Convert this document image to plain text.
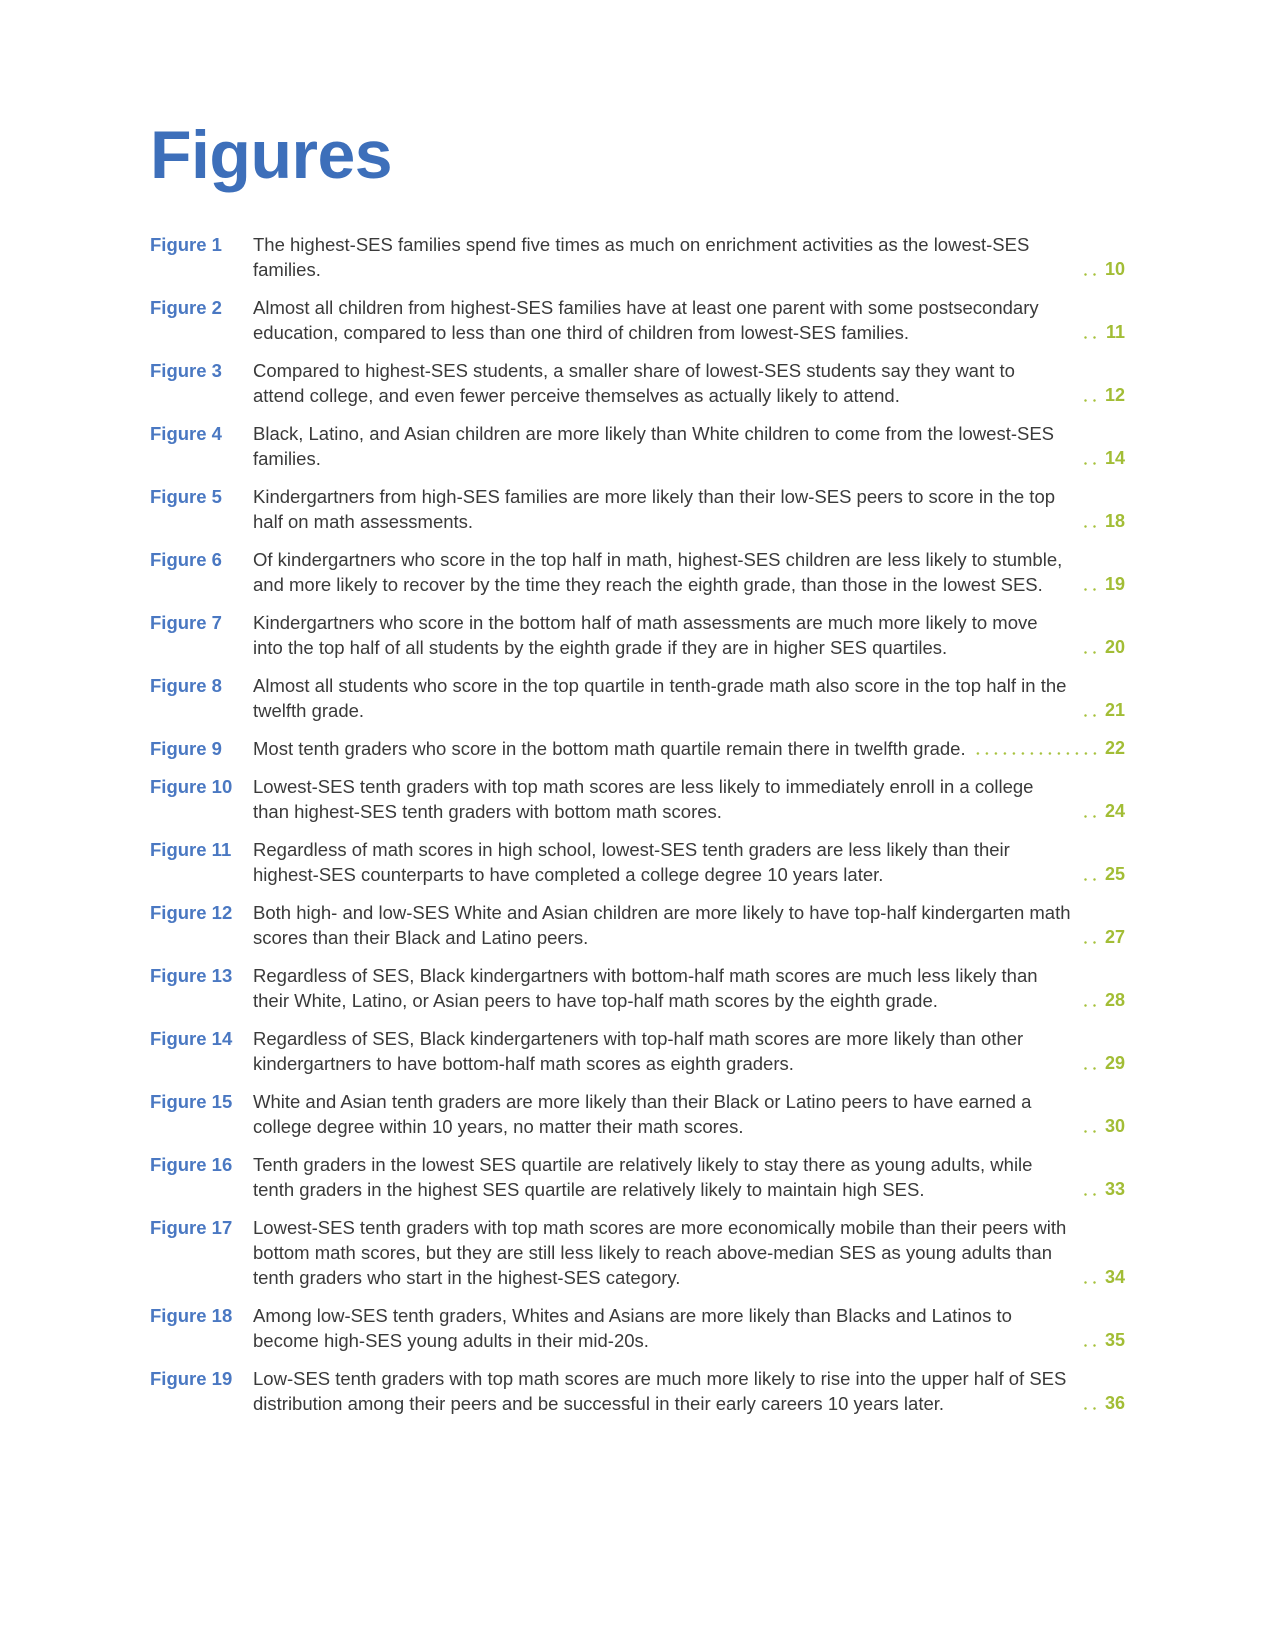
Figures
Figure 1	The highest-SES families spend five times as much on enrichment activities as the lowest-SES families.	10
Figure 2	Almost all children from highest-SES families have at least one parent with some postsecondary education, compared to less than one third of children from lowest-SES families.	11
Figure 3	Compared to highest-SES students, a smaller share of lowest-SES students say they want to attend college, and even fewer perceive themselves as actually likely to attend.	12
Figure 4	Black, Latino, and Asian children are more likely than White children to come from the lowest-SES families.	14
Figure 5	Kindergartners from high-SES families are more likely than their low-SES peers to score in the top half on math assessments.	18
Figure 6	Of kindergartners who score in the top half in math, highest-SES children are less likely to stumble, and more likely to recover by the time they reach the eighth grade, than those in the lowest SES.	19
Figure 7	Kindergartners who score in the bottom half of math assessments are much more likely to move into the top half of all students by the eighth grade if they are in higher SES quartiles.	20
Figure 8	Almost all students who score in the top quartile in tenth-grade math also score in the top half in the twelfth grade.	21
Figure 9	Most tenth graders who score in the bottom math quartile remain there in twelfth grade.	22
Figure 10	Lowest-SES tenth graders with top math scores are less likely to immediately enroll in a college than highest-SES tenth graders with bottom math scores.	24
Figure 11	Regardless of math scores in high school, lowest-SES tenth graders are less likely than their highest-SES counterparts to have completed a college degree 10 years later.	25
Figure 12	Both high- and low-SES White and Asian children are more likely to have top-half kindergarten math scores than their Black and Latino peers.	27
Figure 13	Regardless of SES, Black kindergartners with bottom-half math scores are much less likely than their White, Latino, or Asian peers to have top-half math scores by the eighth grade.	28
Figure 14	Regardless of SES, Black kindergarteners with top-half math scores are more likely than other kindergartners to have bottom-half math scores as eighth graders.	29
Figure 15	White and Asian tenth graders are more likely than their Black or Latino peers to have earned a college degree within 10 years, no matter their math scores.	30
Figure 16	Tenth graders in the lowest SES quartile are relatively likely to stay there as young adults, while tenth graders in the highest SES quartile are relatively likely to maintain high SES.	33
Figure 17	Lowest-SES tenth graders with top math scores are more economically mobile than their peers with bottom math scores, but they are still less likely to reach above-median SES as young adults than tenth graders who start in the highest-SES category.	34
Figure 18	Among low-SES tenth graders, Whites and Asians are more likely than Blacks and Latinos to become high-SES young adults in their mid-20s.	35
Figure 19	Low-SES tenth graders with top math scores are much more likely to rise into the upper half of SES distribution among their peers and be successful in their early careers 10 years later.	36
